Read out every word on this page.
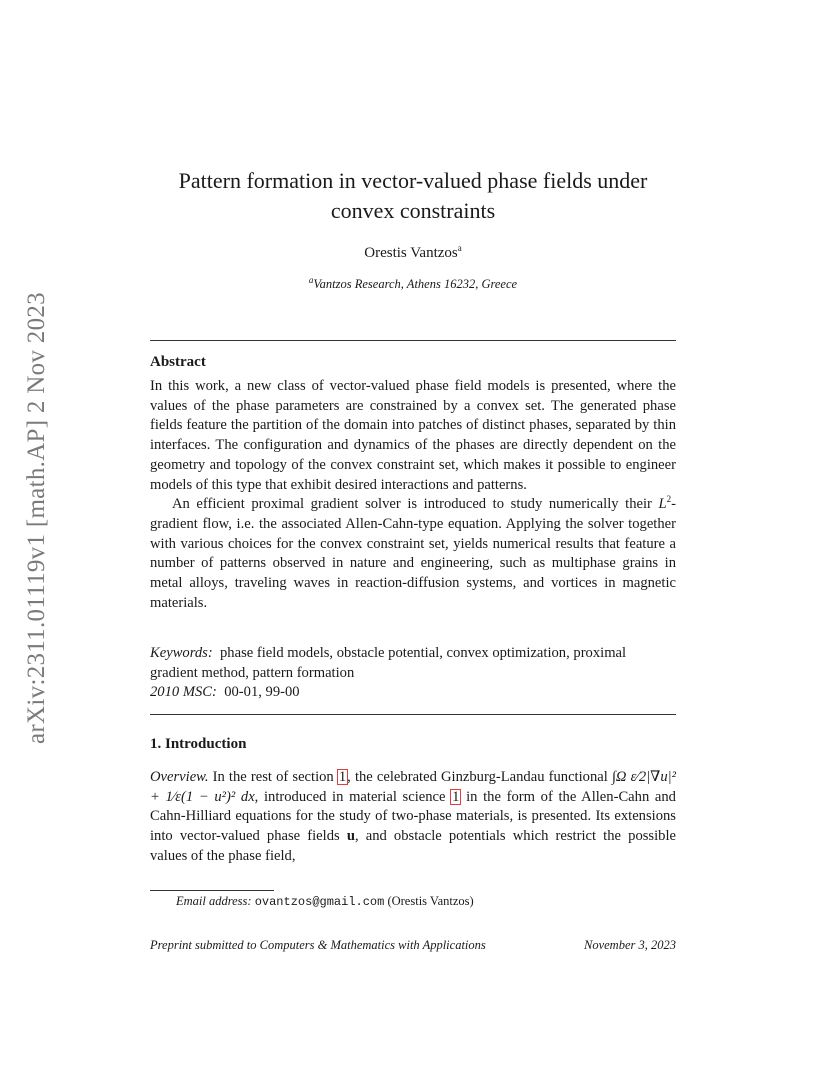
arXiv:2311.01119v1 [math.AP] 2 Nov 2023
Pattern formation in vector-valued phase fields under
convex constraints
Orestis Vantzos$^a$
$^a$Vantzos Research, Athens 16232, Greece
Abstract

In this work, a new class of vector-valued phase field models is presented, where the values of the phase parameters are constrained by a convex set. The generated phase fields feature the partition of the domain into patches of distinct phases, separated by thin interfaces. The configuration and dynamics of the phases are directly dependent on the geometry and topology of the convex constraint set, which makes it possible to engineer models of this type that exhibit desired interactions and patterns.

An efficient proximal gradient solver is introduced to study numerically their $L^2$-gradient flow, i.e. the associated Allen-Cahn-type equation. Applying the solver together with various choices for the convex constraint set, yields numerical results that feature a number of patterns observed in nature and engineering, such as multiphase grains in metal alloys, traveling waves in reaction-diffusion systems, and vortices in magnetic materials.

Keywords: phase field models, obstacle potential, convex optimization, proximal gradient method, pattern formation
2010 MSC: 00-01, 99-00
1. Introduction
Overview. In the rest of section 1, the celebrated Ginzburg-Landau functional ∫Ω ε⁄2|∇u|² + 1⁄ε(1 − u²)² dx, introduced in material science 1 in the form of the Allen-Cahn and Cahn-Hilliard equations for the study of two-phase materials, is presented. Its extensions into vector-valued phase fields u, and obstacle potentials which restrict the possible values of the phase field,
Email address: ovantzos@gmail.com (Orestis Vantzos)
Preprint submitted to Computers & Mathematics with Applications	November 3, 2023
